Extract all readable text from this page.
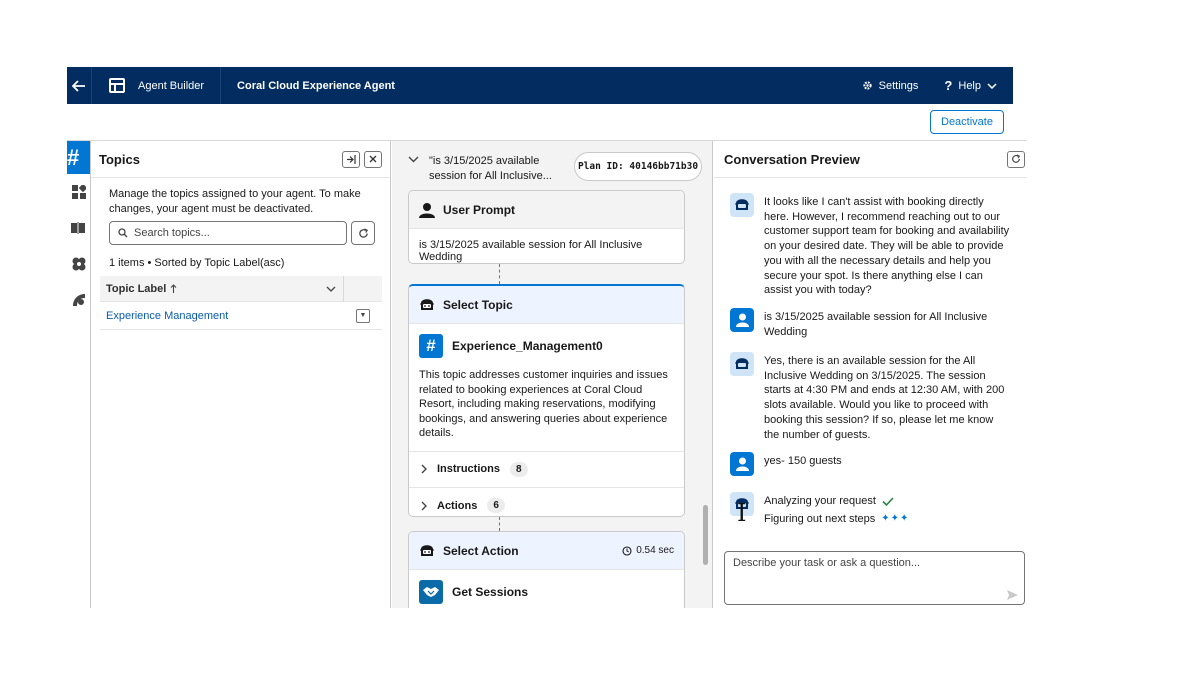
Agent Builder	Coral Cloud Experience Agent	Settings ? Help
Deactivate
#	Topics
Manage the topics assigned to your agent. To make changes, your agent must be deactivated.
Search topics...
1 items • Sorted by Topic Label(asc)
Topic Label
Experience Management	▼
"is 3/15/2025 available session for All Inclusive...
Plan ID: 40146bb71b30
User Prompt
is 3/15/2025 available session for All Inclusive Wedding
Select Topic
#	Experience_Management0
This topic addresses customer inquiries and issues related to booking experiences at Coral Cloud Resort, including making reservations, modifying bookings, and answering queries about experience details.
Instructions	8
Actions	6
Select Action	0.54 sec
Get Sessions
Conversation Preview
It looks like I can't assist with booking directly here. However, I recommend reaching out to our customer support team for booking and availability on your desired date. They will be able to provide you with all the necessary details and help you secure your spot. Is there anything else I can assist you with today?
is 3/15/2025 available session for All Inclusive Wedding
Yes, there is an available session for the All Inclusive Wedding on 3/15/2025. The session starts at 4:30 PM and ends at 12:30 AM, with 200 slots available. Would you like to proceed with booking this session? If so, please let me know the number of guests.
yes- 150 guests
Analyzing your request
Figuring out next steps ✦✦✦
Describe your task or ask a question...
I
